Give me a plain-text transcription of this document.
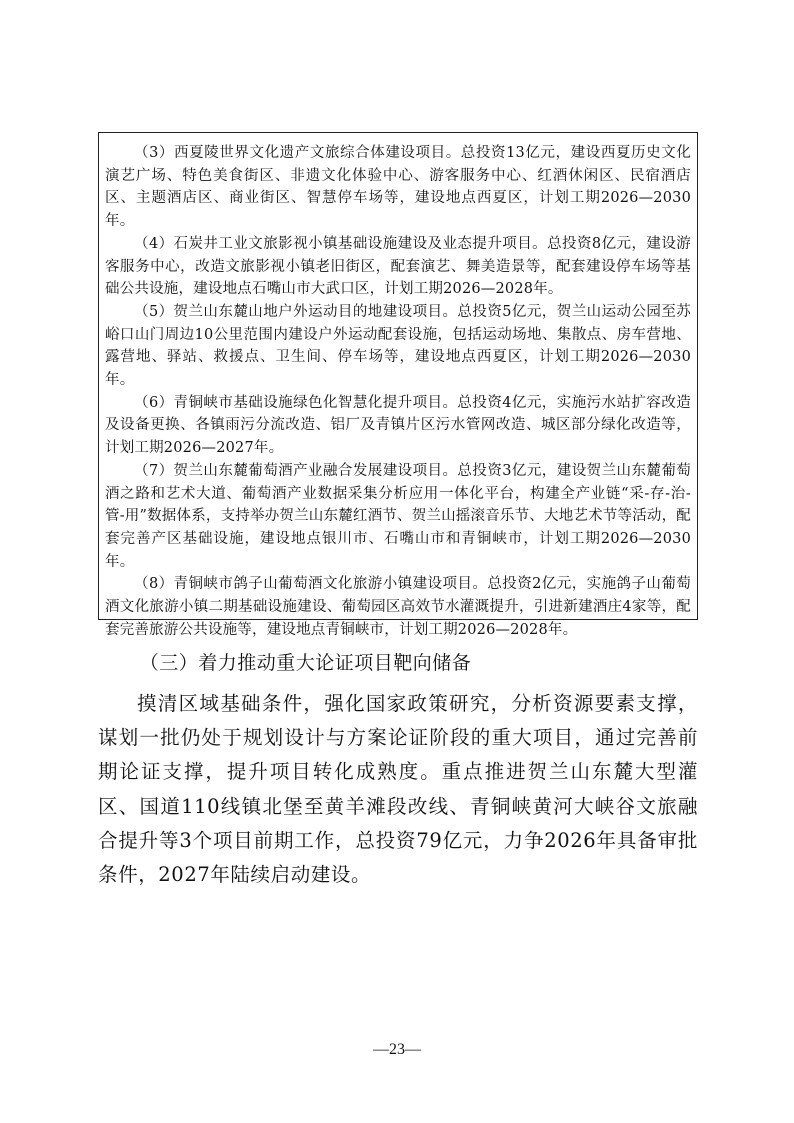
（3）西夏陵世界文化遗产文旅综合体建设项目。总投资13亿元，建设西夏历史文化演艺广场、特色美食街区、非遗文化体验中心、游客服务中心、红酒休闲区、民宿酒店区、主题酒店区、商业街区、智慧停车场等，建设地点西夏区，计划工期2026—2030年。

（4）石炭井工业文旅影视小镇基础设施建设及业态提升项目。总投资8亿元，建设游客服务中心，改造文旅影视小镇老旧街区，配套演艺、舞美造景等，配套建设停车场等基础公共设施，建设地点石嘴山市大武口区，计划工期2026—2028年。

（5）贺兰山东麓山地户外运动目的地建设项目。总投资5亿元，贺兰山运动公园至苏峪口山门周边10公里范围内建设户外运动配套设施，包括运动场地、集散点、房车营地、露营地、驿站、救援点、卫生间、停车场等，建设地点西夏区，计划工期2026—2030年。

（6）青铜峡市基础设施绿色化智慧化提升项目。总投资4亿元，实施污水站扩容改造及设备更换、各镇雨污分流改造、铝厂及青镇片区污水管网改造、城区部分绿化改造等，计划工期2026—2027年。

（7）贺兰山东麓葡萄酒产业融合发展建设项目。总投资3亿元，建设贺兰山东麓葡萄酒之路和艺术大道、葡萄酒产业数据采集分析应用一体化平台，构建全产业链“采-存-治-管-用”数据体系，支持举办贺兰山东麓红酒节、贺兰山摇滚音乐节、大地艺术节等活动，配套完善产区基础设施，建设地点银川市、石嘴山市和青铜峡市，计划工期2026—2030年。

（8）青铜峡市鸽子山葡萄酒文化旅游小镇建设项目。总投资2亿元，实施鸽子山葡萄酒文化旅游小镇二期基础设施建设、葡萄园区高效节水灌溉提升，引进新建酒庄4家等，配套完善旅游公共设施等，建设地点青铜峡市，计划工期2026—2028年。

（三）着力推动重大论证项目靶向储备

摸清区域基础条件，强化国家政策研究，分析资源要素支撑，谋划一批仍处于规划设计与方案论证阶段的重大项目，通过完善前期论证支撑，提升项目转化成熟度。重点推进贺兰山东麓大型灌区、国道110线镇北堡至黄羊滩段改线、青铜峡黄河大峡谷文旅融合提升等3个项目前期工作，总投资79亿元，力争2026年具备审批条件，2027年陆续启动建设。

—23—
